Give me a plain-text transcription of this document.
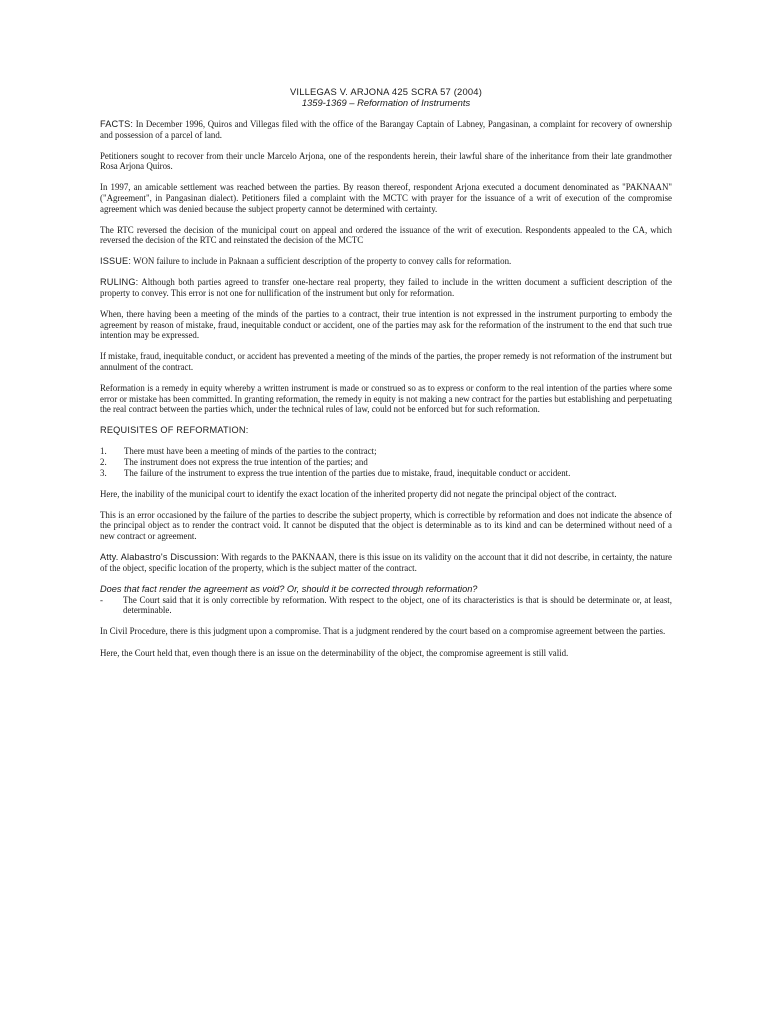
VILLEGAS V. ARJONA 425 SCRA 57 (2004)
1359-1369 – Reformation of Instruments

FACTS: In December 1996, Quiros and Villegas filed with the office of the Barangay Captain of Labney, Pangasinan, a complaint for recovery of ownership and possession of a parcel of land.

Petitioners sought to recover from their uncle Marcelo Arjona, one of the respondents herein, their lawful share of the inheritance from their late grandmother Rosa Arjona Quiros.

In 1997, an amicable settlement was reached between the parties. By reason thereof, respondent Arjona executed a document denominated as "PAKNAAN" ("Agreement", in Pangasinan dialect). Petitioners filed a complaint with the MCTC with prayer for the issuance of a writ of execution of the compromise agreement which was denied because the subject property cannot be determined with certainty.

The RTC reversed the decision of the municipal court on appeal and ordered the issuance of the writ of execution. Respondents appealed to the CA, which reversed the decision of the RTC and reinstated the decision of the MCTC

ISSUE: WON failure to include in Paknaan a sufficient description of the property to convey calls for reformation.

RULING: Although both parties agreed to transfer one-hectare real property, they failed to include in the written document a sufficient description of the property to convey. This error is not one for nullification of the instrument but only for reformation.

When, there having been a meeting of the minds of the parties to a contract, their true intention is not expressed in the instrument purporting to embody the agreement by reason of mistake, fraud, inequitable conduct or accident, one of the parties may ask for the reformation of the instrument to the end that such true intention may be expressed.

If mistake, fraud, inequitable conduct, or accident has prevented a meeting of the minds of the parties, the proper remedy is not reformation of the instrument but annulment of the contract.

Reformation is a remedy in equity whereby a written instrument is made or construed so as to express or conform to the real intention of the parties where some error or mistake has been committed. In granting reformation, the remedy in equity is not making a new contract for the parties but establishing and perpetuating the real contract between the parties which, under the technical rules of law, could not be enforced but for such reformation.

REQUISITES OF REFORMATION:
1. There must have been a meeting of minds of the parties to the contract;
2. The instrument does not express the true intention of the parties; and
3. The failure of the instrument to express the true intention of the parties due to mistake, fraud, inequitable conduct or accident.

Here, the inability of the municipal court to identify the exact location of the inherited property did not negate the principal object of the contract.

This is an error occasioned by the failure of the parties to describe the subject property, which is correctible by reformation and does not indicate the absence of the principal object as to render the contract void. It cannot be disputed that the object is determinable as to its kind and can be determined without need of a new contract or agreement.

Atty. Alabastro's Discussion: With regards to the PAKNAAN, there is this issue on its validity on the account that it did not describe, in certainty, the nature of the object, specific location of the property, which is the subject matter of the contract.

Does that fact render the agreement as void? Or, should it be corrected through reformation?
- The Court said that it is only correctible by reformation. With respect to the object, one of its characteristics is that is should be determinate or, at least, determinable.

In Civil Procedure, there is this judgment upon a compromise. That is a judgment rendered by the court based on a compromise agreement between the parties.

Here, the Court held that, even though there is an issue on the determinability of the object, the compromise agreement is still valid.
